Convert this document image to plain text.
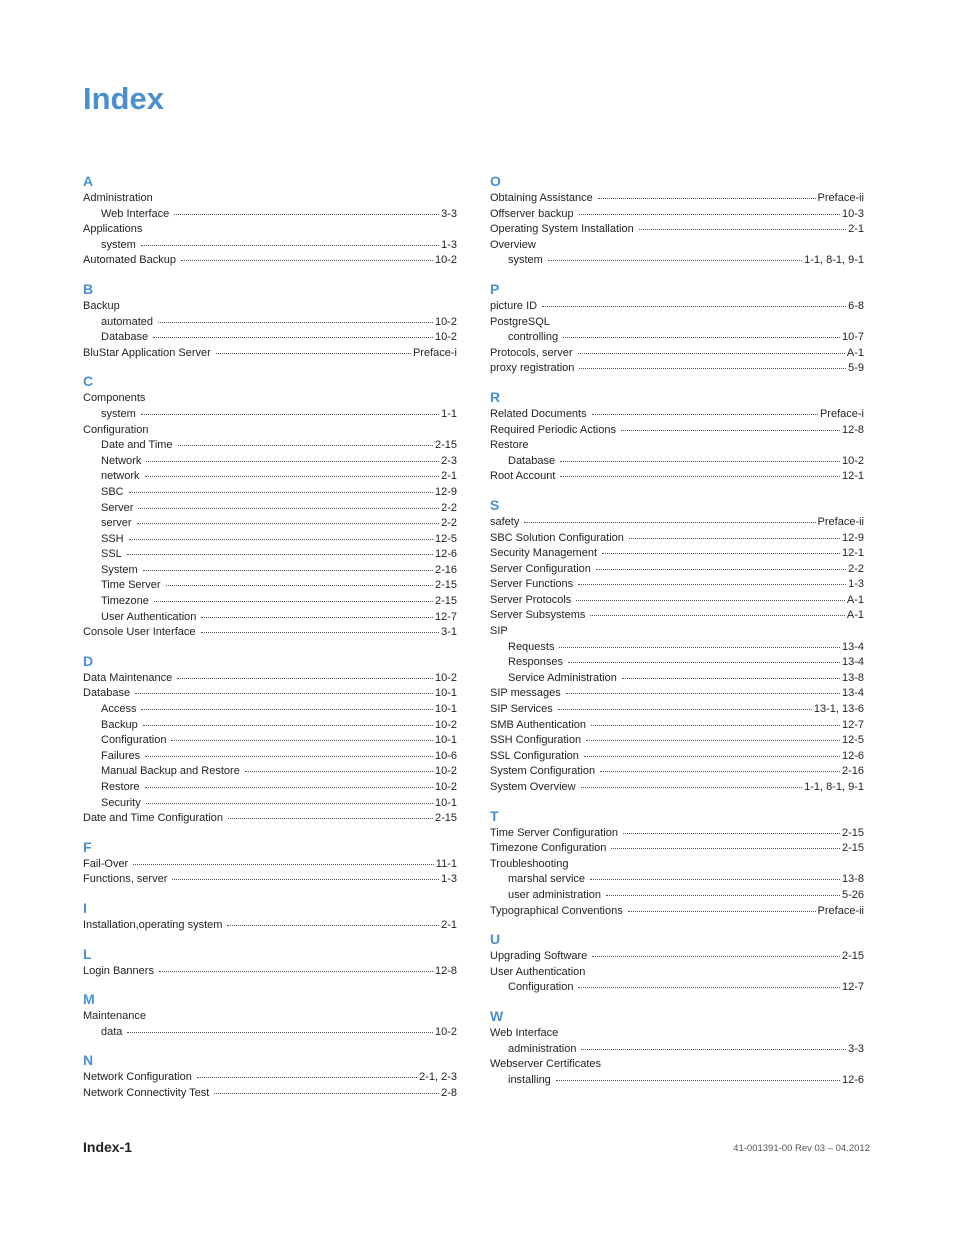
Index
A
Administration
Web Interface	3-3
Applications
system	1-3
Automated Backup	10-2
B
Backup
automated	10-2
Database	10-2
BluStar Application Server	Preface-i
C
Components
system	1-1
Configuration
Date and Time	2-15
Network	2-3
network	2-1
SBC	12-9
Server	2-2
server	2-2
SSH	12-5
SSL	12-6
System	2-16
Time Server	2-15
Timezone	2-15
User Authentication	12-7
Console User Interface	3-1
D
Data Maintenance	10-2
Database	10-1
Access	10-1
Backup	10-2
Configuration	10-1
Failures	10-6
Manual Backup and Restore	10-2
Restore	10-2
Security	10-1
Date and Time Configuration	2-15
F
Fail-Over	11-1
Functions, server	1-3
I
Installation,operating system	2-1
L
Login Banners	12-8
M
Maintenance
data	10-2
N
Network Configuration	2-1, 2-3
Network Connectivity Test	2-8
O
Obtaining Assistance	Preface-ii
Offserver backup	10-3
Operating System Installation	2-1
Overview
system	1-1, 8-1, 9-1
P
picture ID	6-8
PostgreSQL
controlling	10-7
Protocols, server	A-1
proxy registration	5-9
R
Related Documents	Preface-i
Required Periodic Actions	12-8
Restore
Database	10-2
Root Account	12-1
S
safety	Preface-ii
SBC Solution Configuration	12-9
Security Management	12-1
Server Configuration	2-2
Server Functions	1-3
Server Protocols	A-1
Server Subsystems	A-1
SIP
Requests	13-4
Responses	13-4
Service Administration	13-8
SIP messages	13-4
SIP Services	13-1, 13-6
SMB Authentication	12-7
SSH Configuration	12-5
SSL Configuration	12-6
System Configuration	2-16
System Overview	1-1, 8-1, 9-1
T
Time Server Configuration	2-15
Timezone Configuration	2-15
Troubleshooting
marshal service	13-8
user administration	5-26
Typographical Conventions	Preface-ii
U
Upgrading Software	2-15
User Authentication
Configuration	12-7
W
Web Interface
administration	3-3
Webserver Certificates
installing	12-6
Index-1	41-001391-00 Rev 03 – 04.2012
